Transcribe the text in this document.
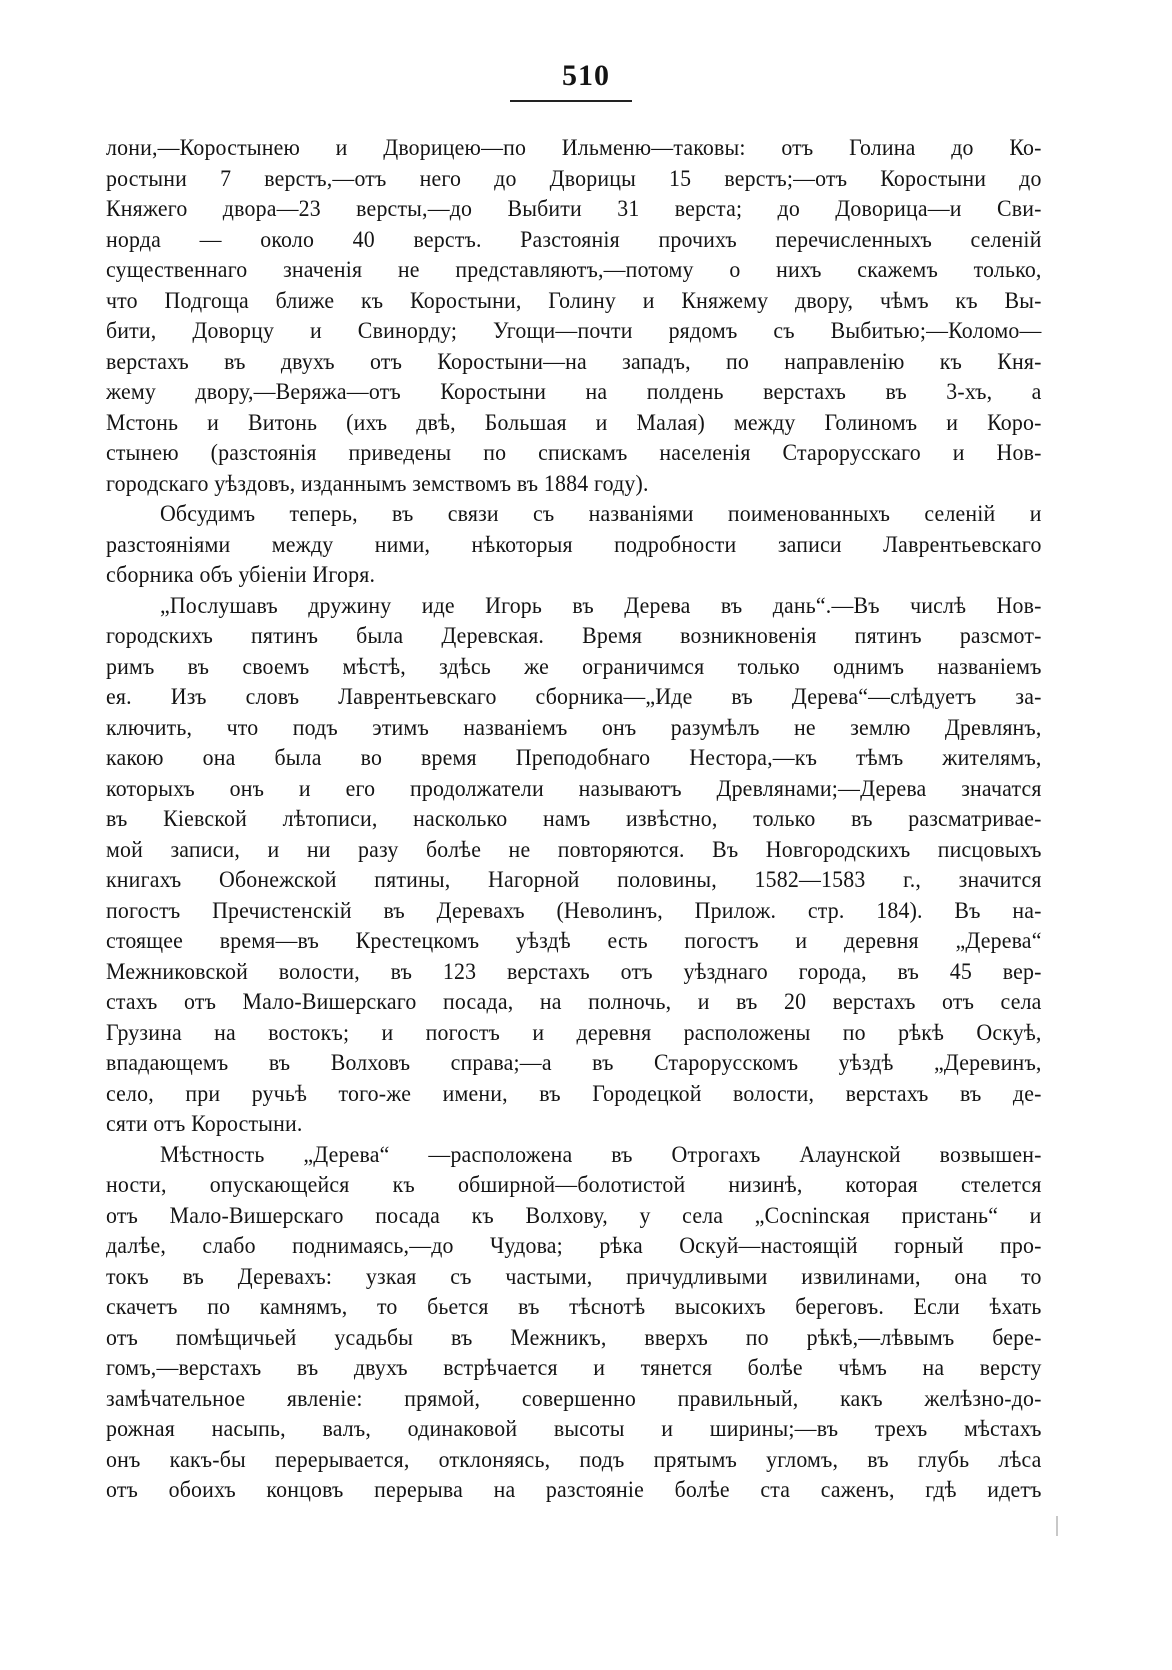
510
лони,—Коростынею и Дворицею—по Ильменю—таковы: отъ Голина до Ко-
ростыни 7 верстъ,—отъ него до Дворицы 15 верстъ;—отъ Коростыни до
Княжего двора—23 версты,—до Выбити 31 верста; до Доворица—и Сви-
норда — около 40 верстъ. Разстоянія прочихъ перечисленныхъ селеній
существеннаго значенія не представляютъ,—потому о нихъ скажемъ только,
что Подгоща ближе къ Коростыни, Голину и Княжему двору, чѣмъ къ Вы-
бити, Доворцу и Свинорду; Угощи—почти рядомъ съ Выбитью;—Коломо—
верстахъ въ двухъ отъ Коростыни—на западъ, по направленію къ Кня-
жему двору,—Веряжа—отъ Коростыни на полдень верстахъ въ 3-хъ, а
Мстонь и Витонь (ихъ двѣ, Большая и Малая) между Голиномъ и Коро-
стынею (разстоянія приведены по спискамъ населенія Старорусскаго и Нов-
городскаго уѣздовъ, изданнымъ земствомъ въ 1884 году).
Обсудимъ теперь, въ связи съ названіями поименованныхъ селеній и
разстояніями между ними, нѣкоторыя подробности записи Лаврентьевскаго
сборника объ убіеніи Игоря.
„Послушавъ дружину иде Игорь въ Дерева въ дань“.—Въ числѣ Нов-
городскихъ пятинъ была Деревская. Время возникновенія пятинъ разсмот-
римъ въ своемъ мѣстѣ, здѣсь же ограничимся только однимъ названіемъ
ея. Изъ словъ Лаврентьевскаго сборника—„Иде въ Дерева“—слѣдуетъ за-
ключить, что подъ этимъ названіемъ онъ разумѣлъ не землю Древлянъ,
какою она была во время Преподобнаго Нестора,—къ тѣмъ жителямъ,
которыхъ онъ и его продолжатели называютъ Древлянами;—Дерева значатся
въ Кіевской лѣтописи, насколько намъ извѣстно, только въ разсматривае-
мой записи, и ни разу болѣе не повторяются. Въ Новгородскихъ писцовыхъ
книгахъ Обонежской пятины, Нагорной половины, 1582—1583 г., значится
погостъ Пречистенскій въ Деревахъ (Неволинъ, Прилож. стр. 184). Въ на-
стоящее время—въ Крестецкомъ уѣздѣ есть погостъ и деревня „Дерева“
Межниковской волости, въ 123 верстахъ отъ уѣзднаго города, въ 45 вер-
стахъ отъ Мало-Вишерскаго посада, на полночь, и въ 20 верстахъ отъ села
Грузина на востокъ; и погостъ и деревня расположены по рѣкѣ Оскуѣ,
впадающемъ въ Волховъ справа;—а въ Старорусскомъ уѣздѣ „Деревинъ,
село, при ручьѣ того-же имени, въ Городецкой волости, верстахъ въ де-
сяти отъ Коростыни.
Мѣстность „Дерева“ —расположена въ Отрогахъ Алаунской возвышен-
ности, опускающейся къ обширной—болотистой низинѣ, которая стелется
отъ Мало-Вишерскаго посада къ Волхову, у села „Сосninская пристань“ и
далѣе, слабо поднимаясь,—до Чудова; рѣка Оскуй—настоящій горный про-
токъ въ Деревахъ: узкая съ частыми, причудливыми извилинами, она то
скачетъ по камнямъ, то бьется въ тѣснотѣ высокихъ береговъ. Если ѣхать
отъ помѣщичьей усадьбы въ Межникъ, вверхъ по рѣкѣ,—лѣвымъ бере-
гомъ,—верстахъ въ двухъ встрѣчается и тянется болѣе чѣмъ на версту
замѣчательное явленіе: прямой, совершенно правильный, какъ желѣзно-до-
рожная насыпь, валъ, одинаковой высоты и ширины;—въ трехъ мѣстахъ
онъ какъ-бы перерывается, отклоняясь, подъ прятымъ угломъ, въ глубь лѣса
отъ обоихъ концовъ перерыва на разстояніе болѣе ста саженъ, гдѣ идетъ
